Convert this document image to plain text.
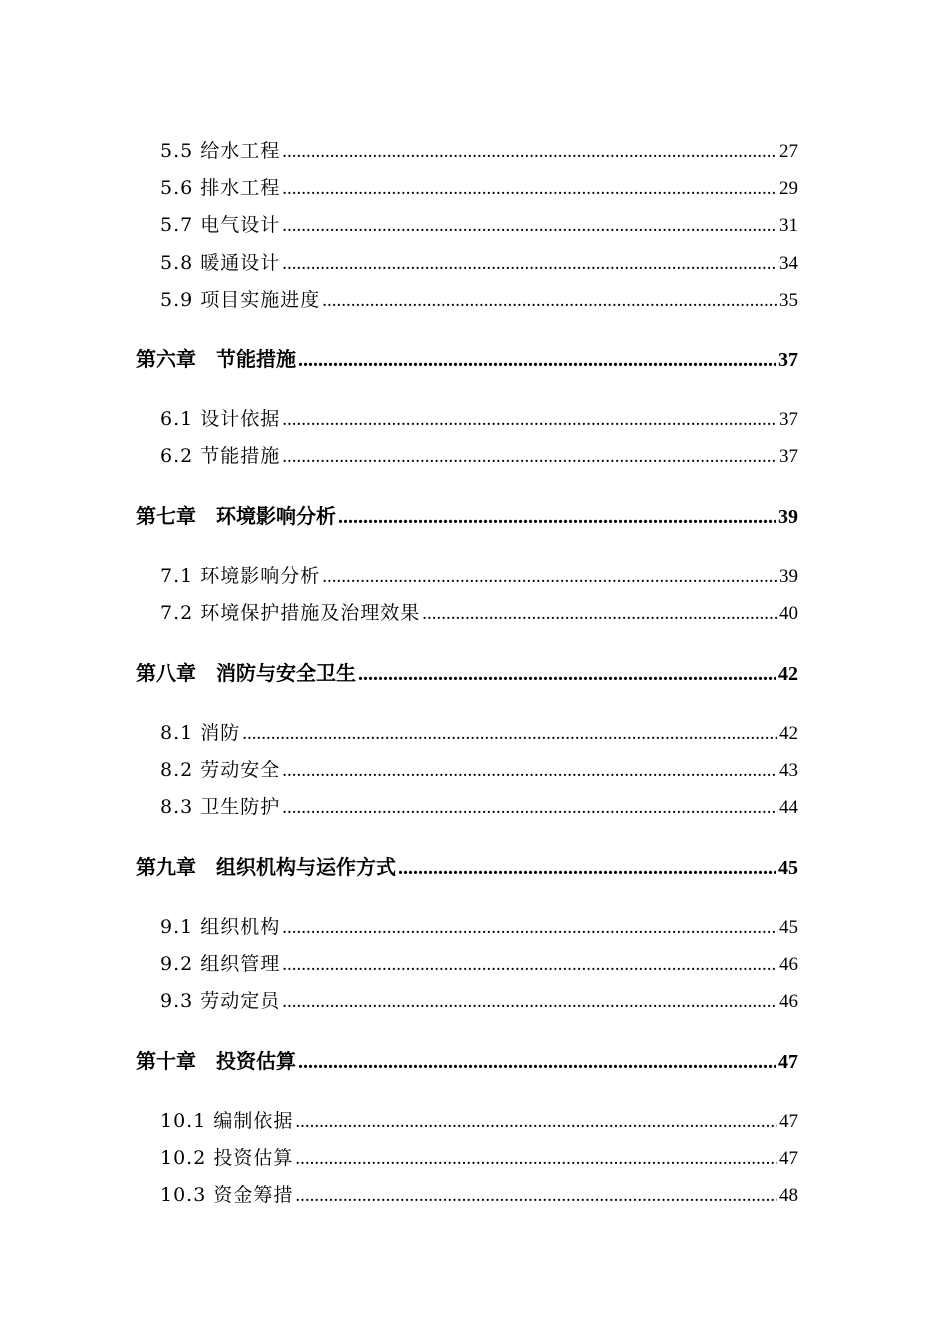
5.5 给水工程 .....	27
5.6 排水工程 .....	29
5.7 电气设计 .....	31
5.8 暖通设计 .....	34
5.9 项目实施进度 .....	35
第六章　节能措施 .....	37
6.1 设计依据 .....	37
6.2 节能措施 .....	37
第七章　环境影响分析 .....	39
7.1 环境影响分析 .....	39
7.2 环境保护措施及治理效果 .....	40
第八章　消防与安全卫生 .....	42
8.1 消防 .....	42
8.2 劳动安全 .....	43
8.3 卫生防护 .....	44
第九章　组织机构与运作方式 .....	45
9.1 组织机构 .....	45
9.2 组织管理 .....	46
9.3 劳动定员 .....	46
第十章　投资估算 .....	47
10.1 编制依据 .....	47
10.2 投资估算 .....	47
10.3 资金筹措 .....	48
